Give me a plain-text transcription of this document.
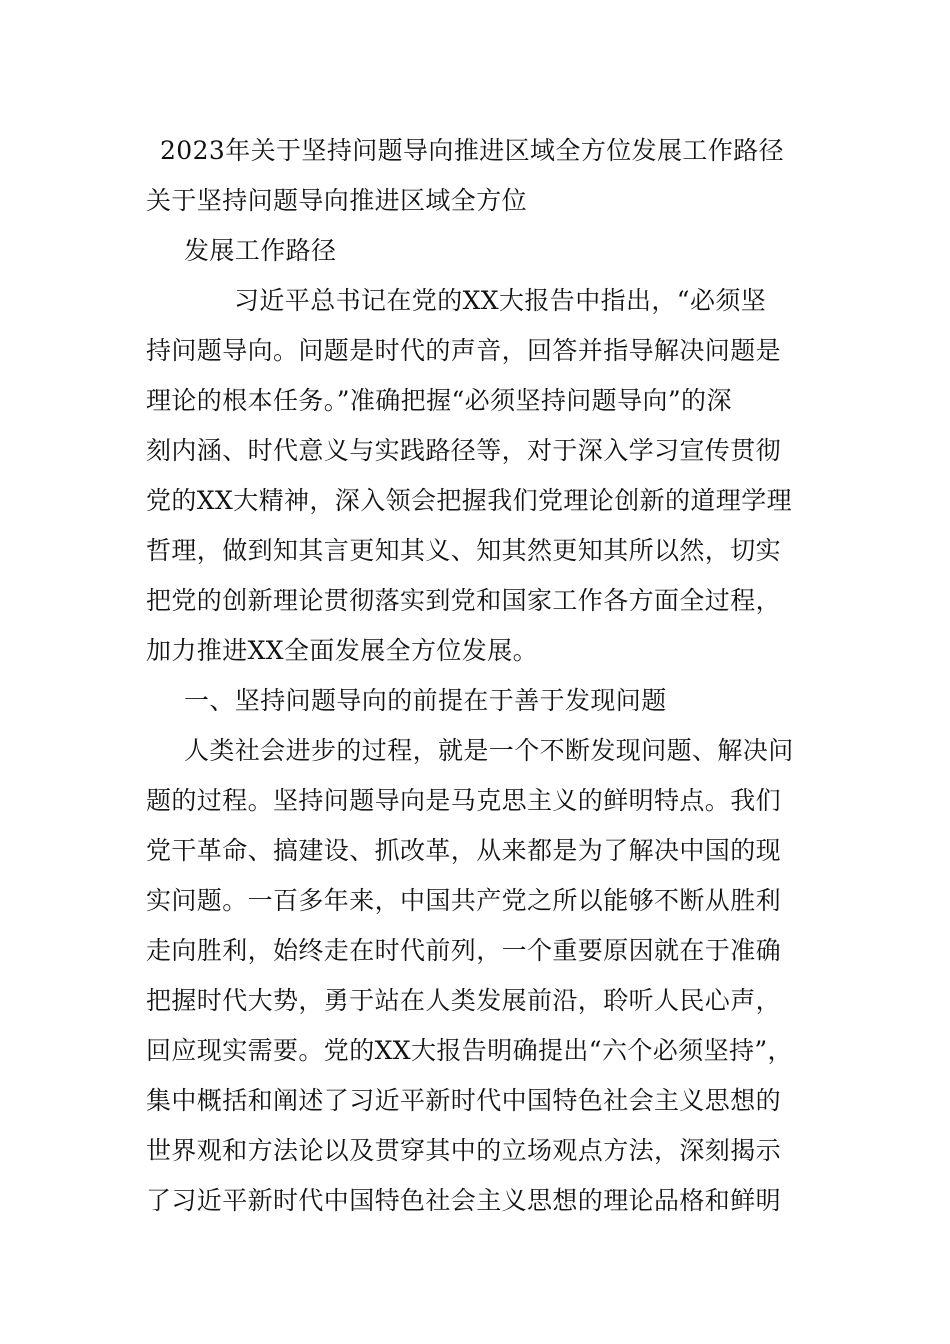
2023年关于坚持问题导向推进区域全方位发展工作路径
关于坚持问题导向推进区域全方位
发展工作路径
习近平总书记在党的XX大报告中指出，“必须坚
持问题导向。问题是时代的声音，回答并指导解决问题是
理论的根本任务。”准确把握“必须坚持问题导向”的深
刻内涵、时代意义与实践路径等，对于深入学习宣传贯彻
党的XX大精神，深入领会把握我们党理论创新的道理学理
哲理，做到知其言更知其义、知其然更知其所以然，切实
把党的创新理论贯彻落实到党和国家工作各方面全过程，
加力推进XX全面发展全方位发展。
一、坚持问题导向的前提在于善于发现问题
人类社会进步的过程，就是一个不断发现问题、解决问
题的过程。坚持问题导向是马克思主义的鲜明特点。我们
党干革命、搞建设、抓改革，从来都是为了解决中国的现
实问题。一百多年来，中国共产党之所以能够不断从胜利
走向胜利，始终走在时代前列，一个重要原因就在于准确
把握时代大势，勇于站在人类发展前沿，聆听人民心声，
回应现实需要。党的XX大报告明确提出“六个必须坚持”，
集中概括和阐述了习近平新时代中国特色社会主义思想的
世界观和方法论以及贯穿其中的立场观点方法，深刻揭示
了习近平新时代中国特色社会主义思想的理论品格和鲜明
